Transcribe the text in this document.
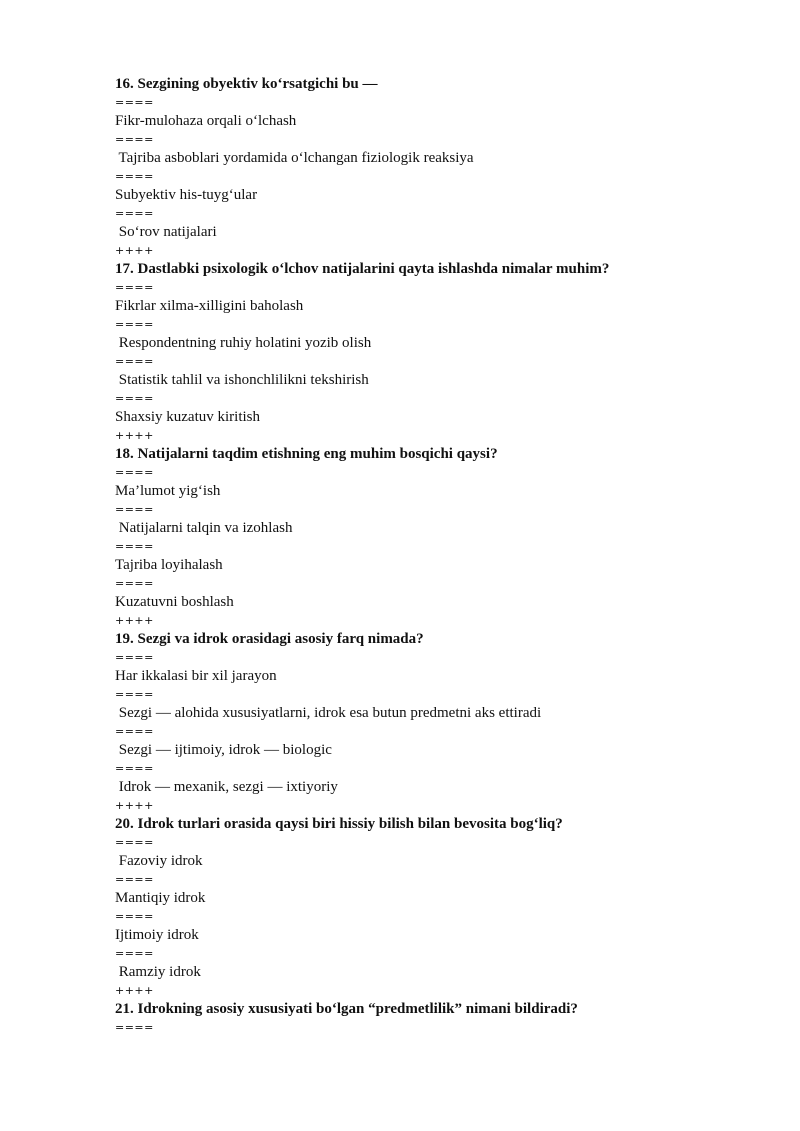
16. Sezgining obyektiv ko‘rsatgichi bu —
====
Fikr-mulohaza orqali o‘lchash
====
Tajriba asboblari yordamida o‘lchangan fiziologik reaksiya
====
Subyektiv his-tuyg‘ular
====
So‘rov natijalari
++++
17. Dastlabki psixologik o‘lchov natijalarini qayta ishlashda nimalar muhim?
====
Fikrlar xilma-xilligini baholash
====
Respondentning ruhiy holatini yozib olish
====
Statistik tahlil va ishonchlilikni tekshirish
====
Shaxsiy kuzatuv kiritish
++++
18. Natijalarni taqdim etishning eng muhim bosqichi qaysi?
====
Ma’lumot yig‘ish
====
Natijalarni talqin va izohlash
====
Tajriba loyihalash
====
Kuzatuvni boshlash
++++
19. Sezgi va idrok orasidagi asosiy farq nimada?
====
Har ikkalasi bir xil jarayon
====
Sezgi — alohida xususiyatlarni, idrok esa butun predmetni aks ettiradi
====
Sezgi — ijtimoiy, idrok — biologic
====
Idrok — mexanik, sezgi — ixtiyoriy
++++
20. Idrok turlari orasida qaysi biri hissiy bilish bilan bevosita bog‘liq?
====
Fazoviy idrok
====
Mantiqiy idrok
====
Ijtimoiy idrok
====
Ramziy idrok
++++
21. Idrokning asosiy xususiyati bo‘lgan “predmetlilik” nimani bildiradi?
====
